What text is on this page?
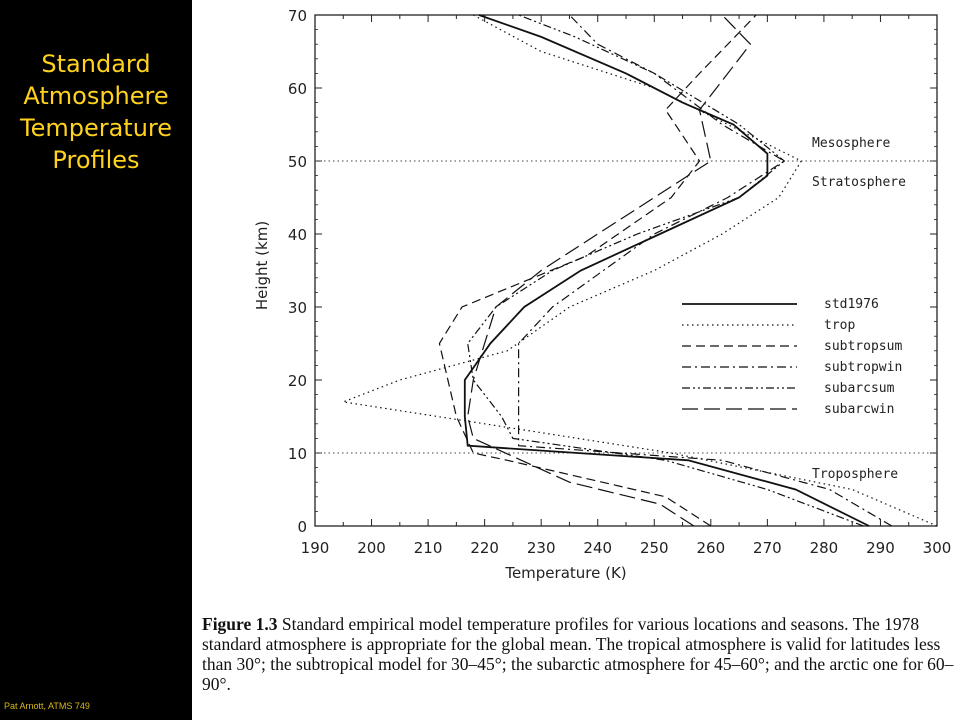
Standard
Atmosphere
Temperature
Profiles
Pat Arnott, ATMS 749
190 200 210 220 230 240 250 260 270 280 290 300
0
10
20
30
40
50
60
70
Temperature (K)
Height (km)
Troposphere
Mesosphere
Stratosphere
std1976
trop
subtropsum
subtropwin
subarcsum
subarcwin
Figure 1.3 Standard empirical model temperature profiles for various locations and seasons. The 1978 standard atmosphere is appropriate for the global mean. The tropical atmosphere is valid for latitudes less than 30°; the subtropical model for 30–45°; the subarctic atmosphere for 45–60°; and the arctic one for 60–90°.
